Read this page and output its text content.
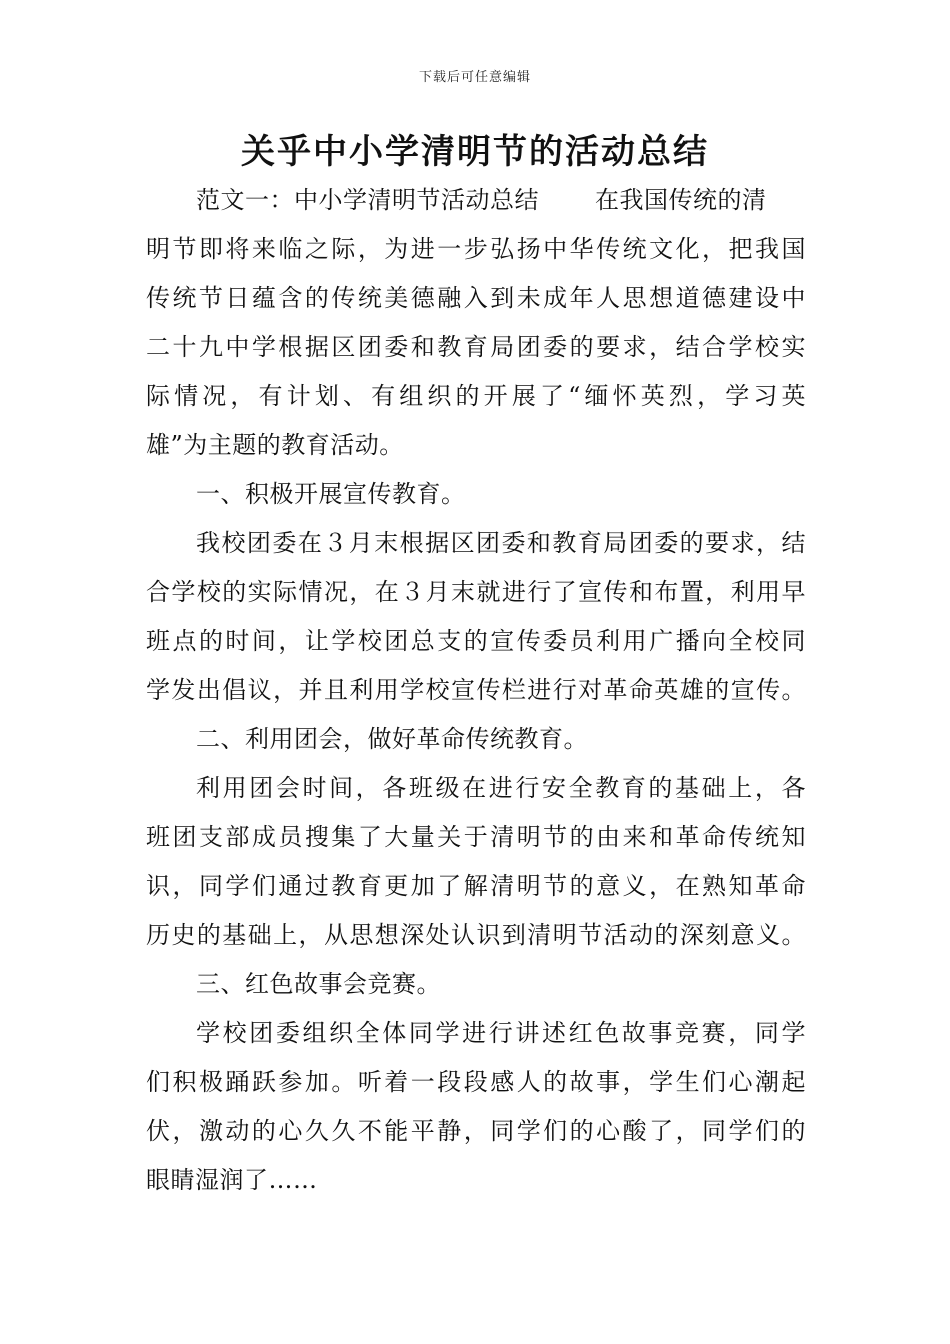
下载后可任意编辑
关乎中小学清明节的活动总结
范文一：中小学清明节活动总结 在我国传统的清
明节即将来临之际，为进一步弘扬中华传统文化，把我国
传统节日蕴含的传统美德融入到未成年人思想道德建设中
二十九中学根据区团委和教育局团委的要求，结合学校实
际情况，有计划、有组织的开展了“缅怀英烈，学习英
雄”为主题的教育活动。
一、积极开展宣传教育。
我校团委在３月末根据区团委和教育局团委的要求，结
合学校的实际情况，在３月末就进行了宣传和布置，利用早
班点的时间，让学校团总支的宣传委员利用广播向全校同
学发出倡议，并且利用学校宣传栏进行对革命英雄的宣传。
二、利用团会，做好革命传统教育。
利用团会时间，各班级在进行安全教育的基础上，各
班团支部成员搜集了大量关于清明节的由来和革命传统知
识，同学们通过教育更加了解清明节的意义，在熟知革命
历史的基础上，从思想深处认识到清明节活动的深刻意义。
三、红色故事会竞赛。
学校团委组织全体同学进行讲述红色故事竞赛，同学
们积极踊跃参加。听着一段段感人的故事，学生们心潮起
伏，激动的心久久不能平静，同学们的心酸了，同学们的
眼睛湿润了……
